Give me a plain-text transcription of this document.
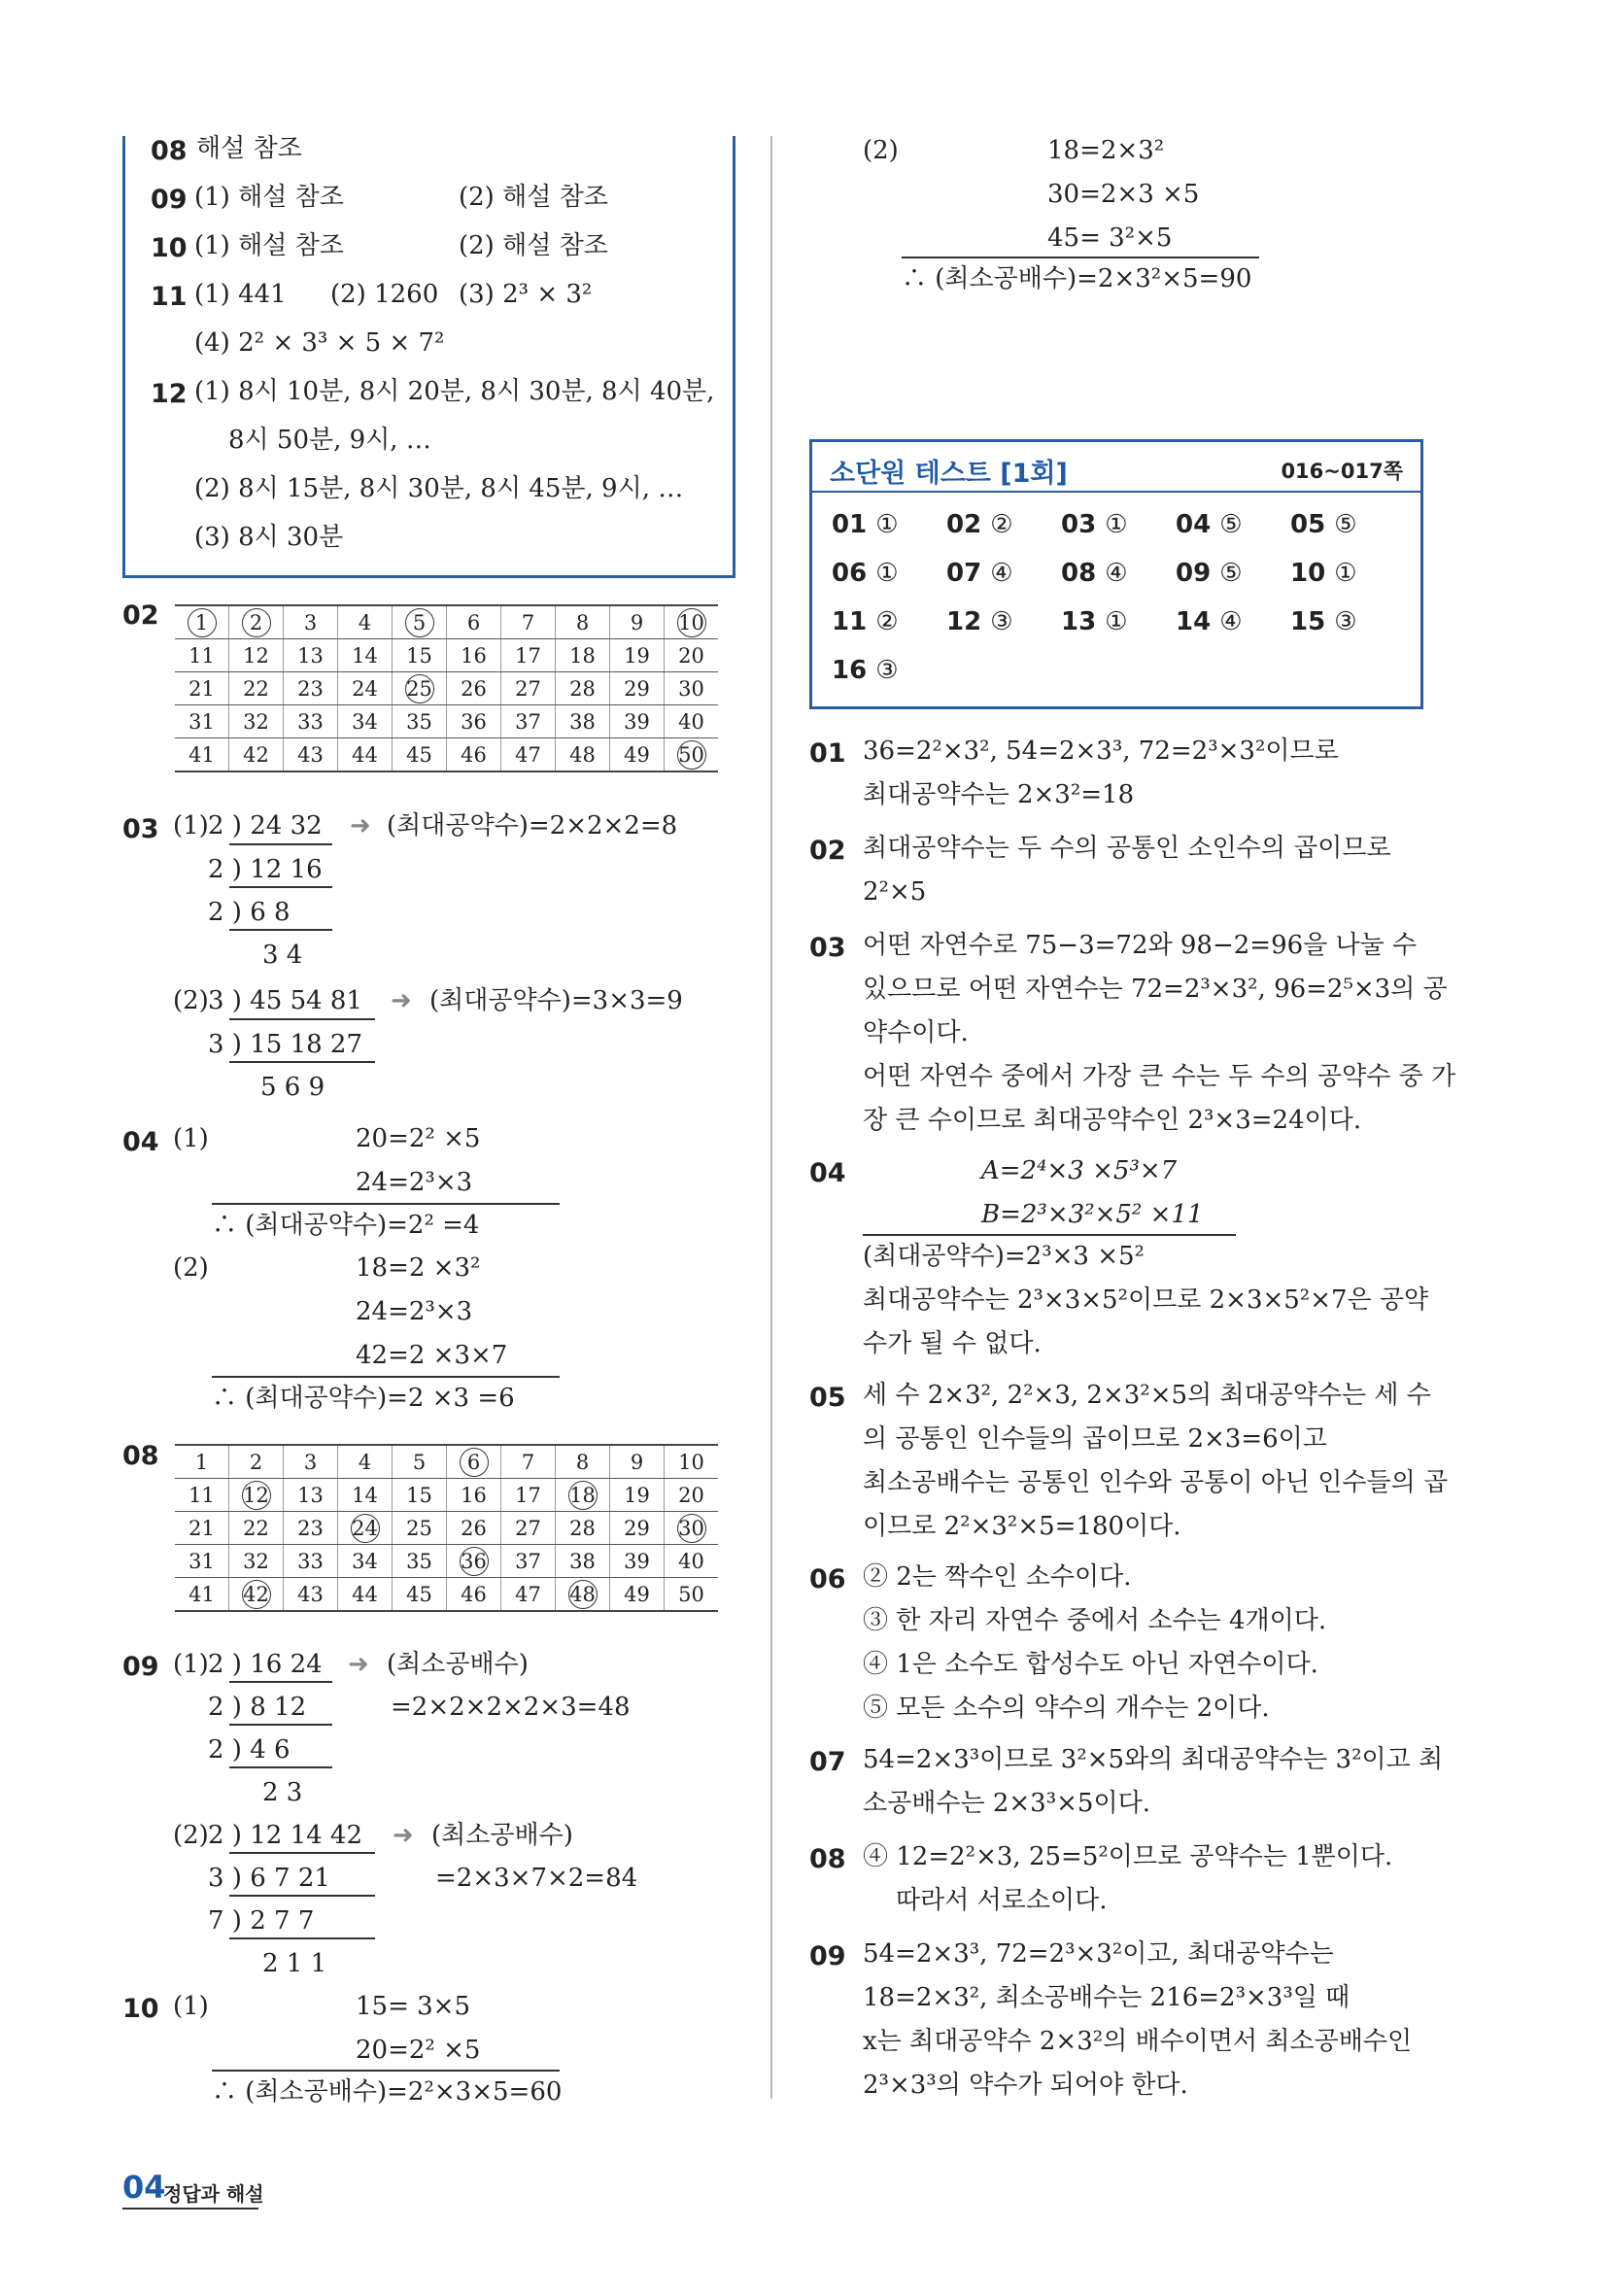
08 해설 참조
09 (1) 해설 참조	(2) 해설 참조
10 (1) 해설 참조	(2) 해설 참조
11 (1) 441 (2) 1260 (3) 2³ × 3²
(4) 2² × 3³ × 5 × 7²
12 (1) 8시 10분, 8시 20분, 8시 30분, 8시 40분,
8시 50분, 9시, …
(2) 8시 15분, 8시 30분, 8시 45분, 9시, …
(3) 8시 30분
02 1	2	3	4	5	6	7	8	9	10
11	12	13	14	15	16	17	18	19	20
21	22	23	24	25	26	27	28	29	30
31	32	33	34	35	36	37	38	39	40
41	42	43	44	45	46	47	48	49	50
03 (1) 2 ) 24 32 ➜ (최대공약수)=2×2×2=8
2 ) 12 16
2 ) 6 8
3 4
(2) 3 ) 45 54 81 ➜ (최대공약수)=3×3=9
3 ) 15 18 27
5 6 9
04 (1)	20=2² ×5
24=2³×3
∴ (최대공약수)=2² =4
(2)	18=2 ×3²
24=2³×3
42=2 ×3×7
∴ (최대공약수)=2 ×3 =6
08 1	2	3	4	5	6	7	8	9	10
11	12	13	14	15	16	17	18	19	20
21	22	23	24	25	26	27	28	29	30
31	32	33	34	35	36	37	38	39	40
41	42	43	44	45	46	47	48	49	50
09 (1) 2 ) 16 24 ➜ (최소공배수)
2 ) 8 12	=2×2×2×2×3=48
2 ) 4 6
2 3
(2) 2 ) 12 14 42 ➜ (최소공배수)
3 ) 6 7 21	=2×3×7×2=84
7 ) 2 7 7
2 1 1
10 (1)	15= 3×5
20=2² ×5
∴ (최소공배수)=2²×3×5=60
(2)	18=2×3²
30=2×3 ×5
45= 3²×5
∴ (최소공배수)=2×3²×5=90
소단원 테스트 [1회]	016~017쪽
01 ① 02 ② 03 ① 04 ⑤ 05 ⑤
06 ① 07 ④ 08 ④ 09 ⑤ 10 ①
11 ② 12 ③ 13 ① 14 ④ 15 ③
16 ③
01 36=2²×3², 54=2×3³, 72=2³×3²이므로
최대공약수는 2×3²=18
02 최대공약수는 두 수의 공통인 소인수의 곱이므로
2²×5
03 어떤 자연수로 75−3=72와 98−2=96을 나눌 수
있으므로 어떤 자연수는 72=2³×3², 96=2⁵×3의 공
약수이다.
어떤 자연수 중에서 가장 큰 수는 두 수의 공약수 중 가
장 큰 수이므로 최대공약수인 2³×3=24이다.
04	A=2⁴×3 ×5³×7
B=2³×3²×5² ×11
(최대공약수)=2³×3 ×5²
최대공약수는 2³×3×5²이므로 2×3×5²×7은 공약
수가 될 수 없다.
05 세 수 2×3², 2²×3, 2×3²×5의 최대공약수는 세 수
의 공통인 인수들의 곱이므로 2×3=6이고
최소공배수는 공통인 인수와 공통이 아닌 인수들의 곱
이므로 2²×3²×5=180이다.
06 ② 2는 짝수인 소수이다.
③ 한 자리 자연수 중에서 소수는 4개이다.
④ 1은 소수도 합성수도 아닌 자연수이다.
⑤ 모든 소수의 약수의 개수는 2이다.
07 54=2×3³이므로 3²×5와의 최대공약수는 3²이고 최
소공배수는 2×3³×5이다.
08 ④ 12=2²×3, 25=5²이므로 공약수는 1뿐이다.
따라서 서로소이다.
09 54=2×3³, 72=2³×3²이고, 최대공약수는
18=2×3², 최소공배수는 216=2³×3³일 때
x는 최대공약수 2×3²의 배수이면서 최소공배수인
2³×3³의 약수가 되어야 한다.
04
정답과 해설
